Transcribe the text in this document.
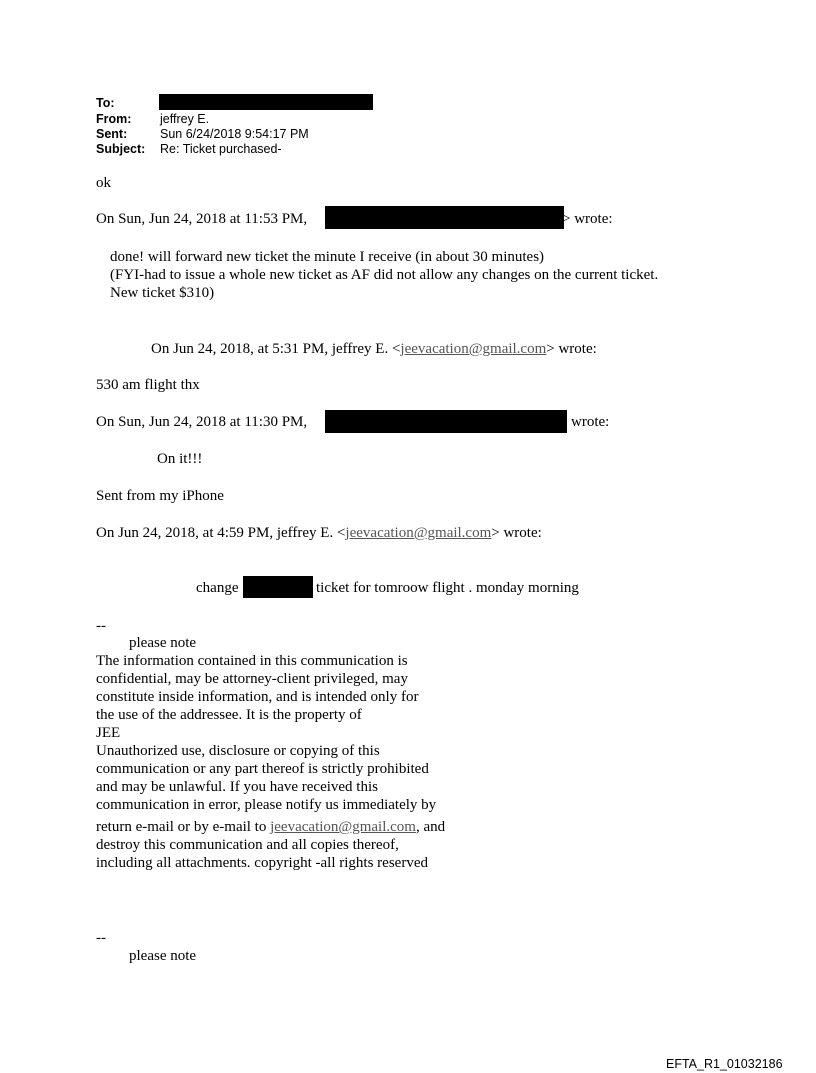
To:
From: jeffrey E.
Sent:	Sun 6/24/2018 9:54:17 PM
Subject: Re: Ticket purchased-
ok
On Sun, Jun 24, 2018 at 11:53 PM,	> wrote:
done! will forward new ticket the minute I receive (in about 30 minutes)
(FYI-had to issue a whole new ticket as AF did not allow any changes on the current ticket.
New ticket $310)
On Jun 24, 2018, at 5:31 PM, jeffrey E. <jeevacation@gmail.com> wrote:
530 am flight thx
On Sun, Jun 24, 2018 at 11:30 PM,	wrote:
On it!!!
Sent from my iPhone
On Jun 24, 2018, at 4:59 PM, jeffrey E. <jeevacation@gmail.com> wrote:
change	ticket for tomroow flight . monday morning
--
please note
The information contained in this communication is
confidential, may be attorney-client privileged, may
constitute inside information, and is intended only for
the use of the addressee. It is the property of
JEE
Unauthorized use, disclosure or copying of this
communication or any part thereof is strictly prohibited
and may be unlawful. If you have received this
communication in error, please notify us immediately by
return e-mail or by e-mail to jeevacation@gmail.com, and
destroy this communication and all copies thereof,
including all attachments. copyright -all rights reserved
--
please note
EFTA_R1_01032186
